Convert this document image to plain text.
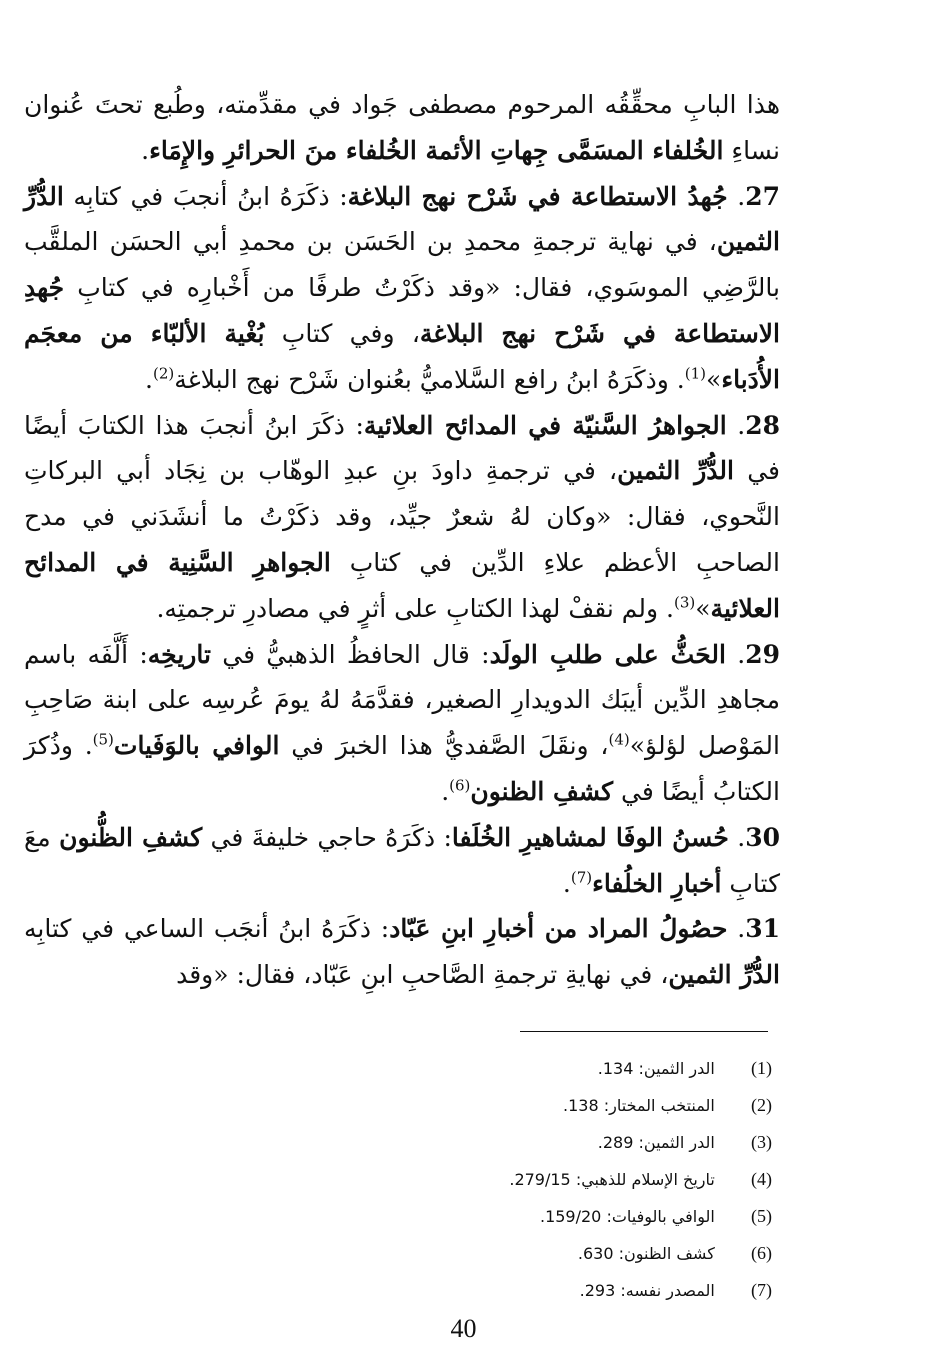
هذا البابِ محقِّقُه المرحوم مصطفى جَواد في مقدِّمته، وطُبع تحتَ عُنوان نساءِ الخُلفاء المسَمَّى جِهاتِ الأئمة الخُلفاء منَ الحرائرِ والإِمَاء.

27. جُهدُ الاستطاعة في شَرْح نهج البلاغة: ذكَرَهُ ابنُ أنجبَ في كتابِه الدُّرِّ الثمين، في نهاية ترجمةِ محمدِ بن الحَسَن بن محمدِ أبي الحسَن الملقَّب بالرَّضِي الموسَوي، فقال: «وقد ذكَرْتُ طرفًا من أَخْبارِه في كتابِ جُهدِ الاستطاعة في شَرْح نهج البلاغة، وفي كتابِ بُغْية الألبّاء من معجَم الأُدَباء»$^{(1)}$. وذكَرَهُ ابنُ رافع السَّلاميُّ بعُنوان شَرْح نهج البلاغة$^{(2)}$.

28. الجواهرُ السَّنيّة في المدائح العلائية: ذكَرَ ابنُ أنجبَ هذا الكتابَ أيضًا في الدُّرِّ الثمين، في ترجمةِ داودَ بنِ عبدِ الوهّاب بن نِجَاد أبي البركاتِ النَّحوي، فقال: «وكان لهُ شعرٌ جيِّد، وقد ذكَرْتُ ما أنشَدَني في مدح الصاحبِ الأعظم علاءِ الدِّين في كتابِ الجواهرِ السَّنِية في المدائح العلائية»$^{(3)}$. ولم نقفْ لهذا الكتابِ على أثرٍ في مصادرِ ترجمتِه.

29. الحَثُّ على طلبِ الولَد: قال الحافظُ الذهبيُّ في تاريخِه: أَلَّفَه باسم مجاهدِ الدِّين أيبَك الدويدارِ الصغير، فقدَّمَهُ لهُ يومَ عُرسِه على ابنة صَاحِبِ المَوْصل لؤلؤ»$^{(4)}$، ونقَلَ الصَّفديُّ هذا الخبرَ في الوافي بالوَفَيات$^{(5)}$. وذُكرَ الكتابُ أيضًا في كشفِ الظنون$^{(6)}$.

30. حُسنُ الوفَا لمشاهيرِ الخُلَفا: ذكَرَهُ حاجي خليفةَ في كشفِ الظُّنون معَ كتابِ أخبارِ الخلُفاء$^{(7)}$.

31. حصُولُ المراد من أخبارِ ابنِ عَبّاد: ذكَرَهُ ابنُ أنجَب الساعي في كتابِه الدُّرِّ الثمين، في نهايةِ ترجمةِ الصَّاحبِ ابنِ عَبّاد، فقال: «وقد

(1)   الدر الثمين: 134.
(2)   المنتخب المختار: 138.
(3)   الدر الثمين: 289.
(4)   تاريخ الإسلام للذهبي: 279/15.
(5)   الوافي بالوفيات: 159/20.
(6)   كشف الظنون: 630.
(7)   المصدر نفسه: 293.
40
